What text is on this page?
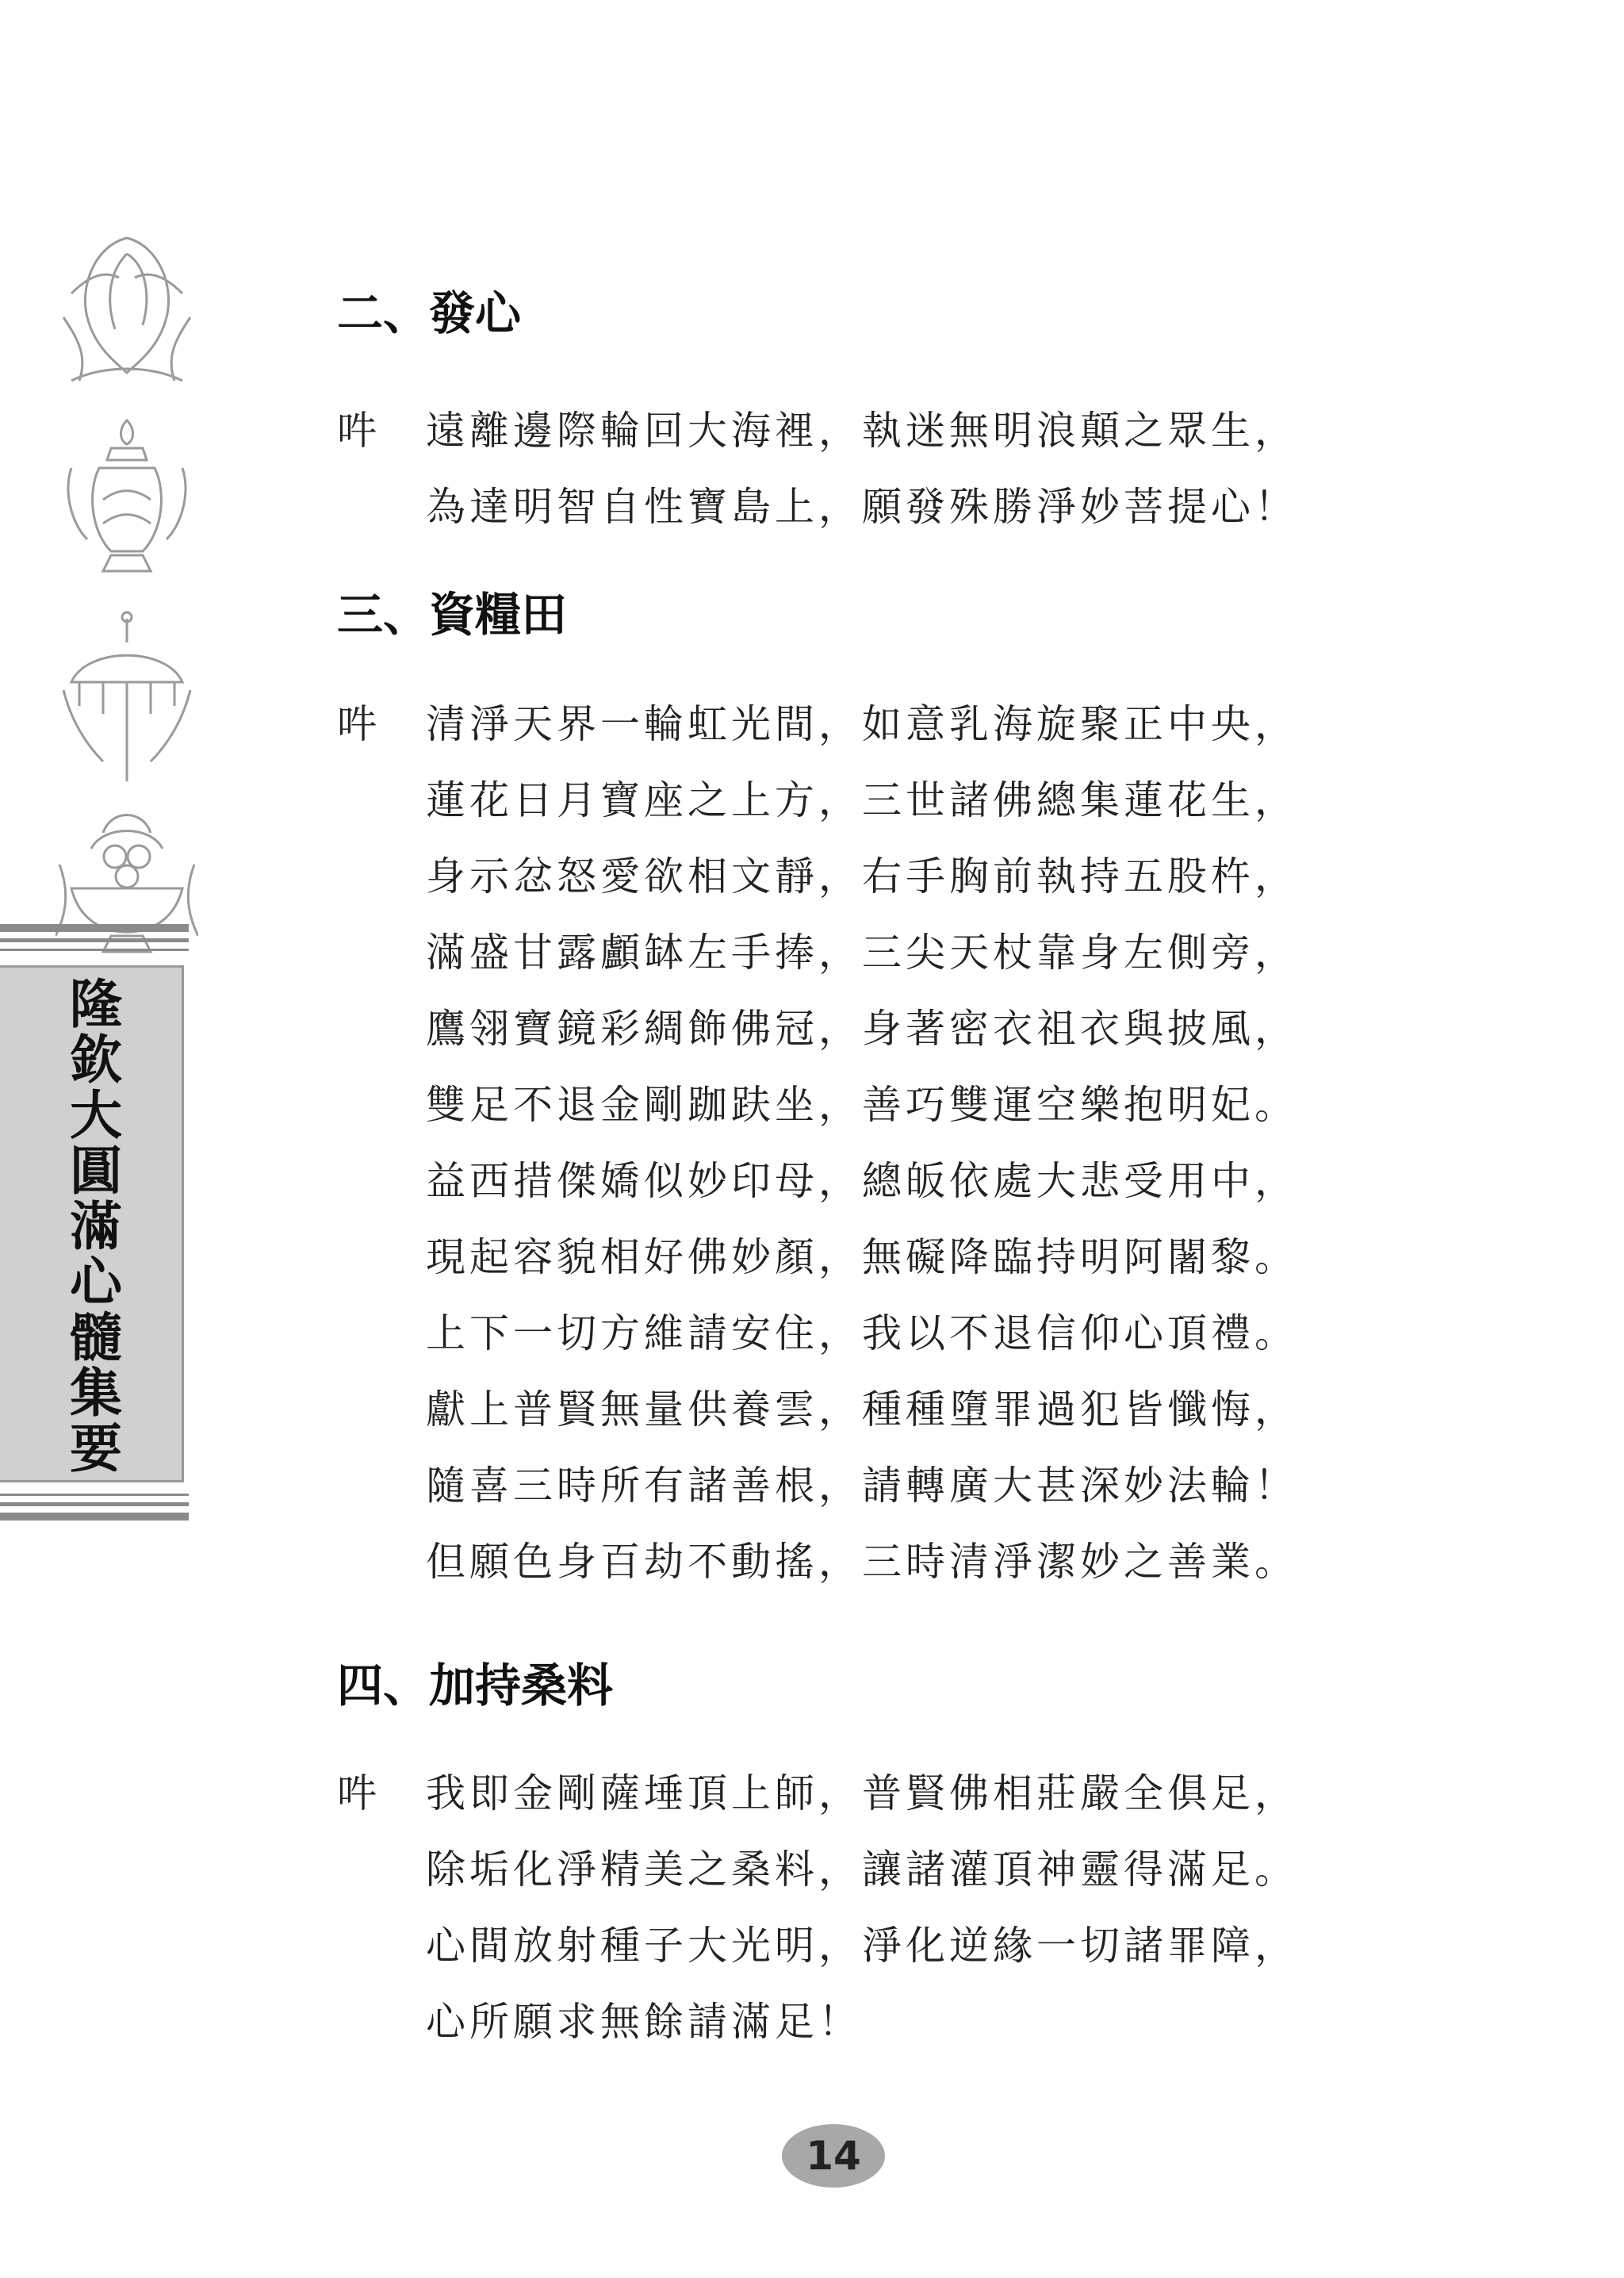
隆欽大圓滿心髓集要
二、發心
吽 遠離邊際輪回大海裡，執迷無明浪顛之眾生，
為達明智自性寶島上，願發殊勝淨妙菩提心！
三、資糧田
吽 清淨天界一輪虹光間，如意乳海旋聚正中央，
蓮花日月寶座之上方，三世諸佛總集蓮花生，
身示忿怒愛欲相文靜，右手胸前執持五股杵，
滿盛甘露顱缽左手捧，三尖天杖靠身左側旁，
鷹翎寶鏡彩綢飾佛冠，身著密衣祖衣與披風，
雙足不退金剛跏趺坐，善巧雙運空樂抱明妃。
益西措傑嬌似妙印母，總皈依處大悲受用中，
現起容貌相好佛妙顏，無礙降臨持明阿闍黎。
上下一切方維請安住，我以不退信仰心頂禮。
獻上普賢無量供養雲，種種墮罪過犯皆懺悔，
隨喜三時所有諸善根，請轉廣大甚深妙法輪！
但願色身百劫不動搖，三時清淨潔妙之善業。
四、加持桑料
吽 我即金剛薩埵頂上師，普賢佛相莊嚴全俱足，
除垢化淨精美之桑料，讓諸灌頂神靈得滿足。
心間放射種子大光明，淨化逆緣一切諸罪障，
心所願求無餘請滿足！
14
